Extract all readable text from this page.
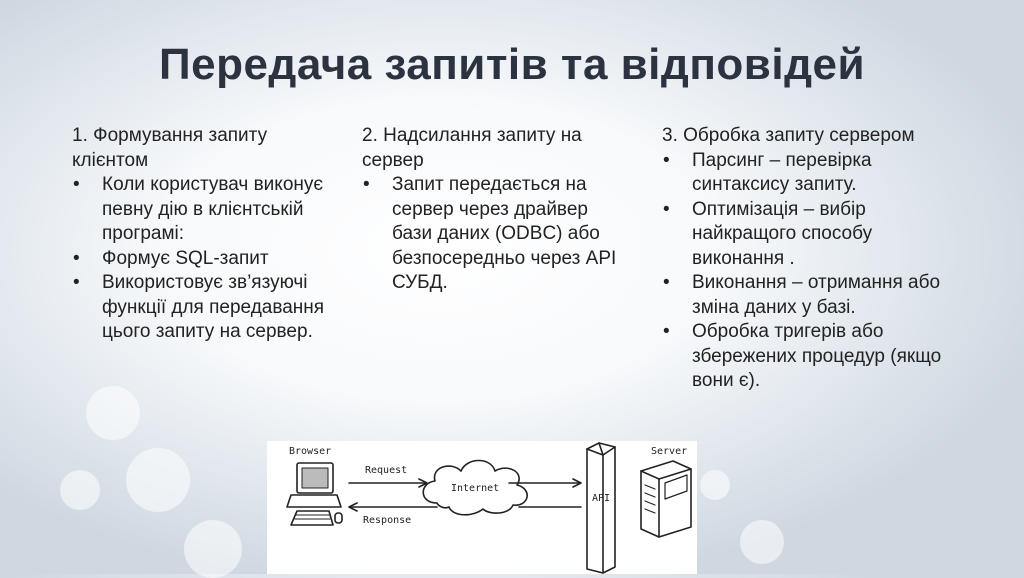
Передача запитів та відповідей

1. Формування запиту клієнтом

• Коли користувач виконує певну дію в клієнтській програмі:
• Формує SQL-запит
• Використовує зв’язуючі функції для передавання цього запиту на сервер.

2. Надсилання запиту на сервер

• Запит передається на сервер через драйвер бази даних (ODBC) або безпосередньо через API СУБД.

3. Обробка запиту сервером

• Парсинг – перевірка синтаксису запиту.
• Оптимізація – вибір найкращого способу виконання .
• Виконання – отримання або зміна даних у базі.
• Обробка тригерів або збережених процедур (якщо вони є).
Browser
Request
Internet
Response
API
Server
